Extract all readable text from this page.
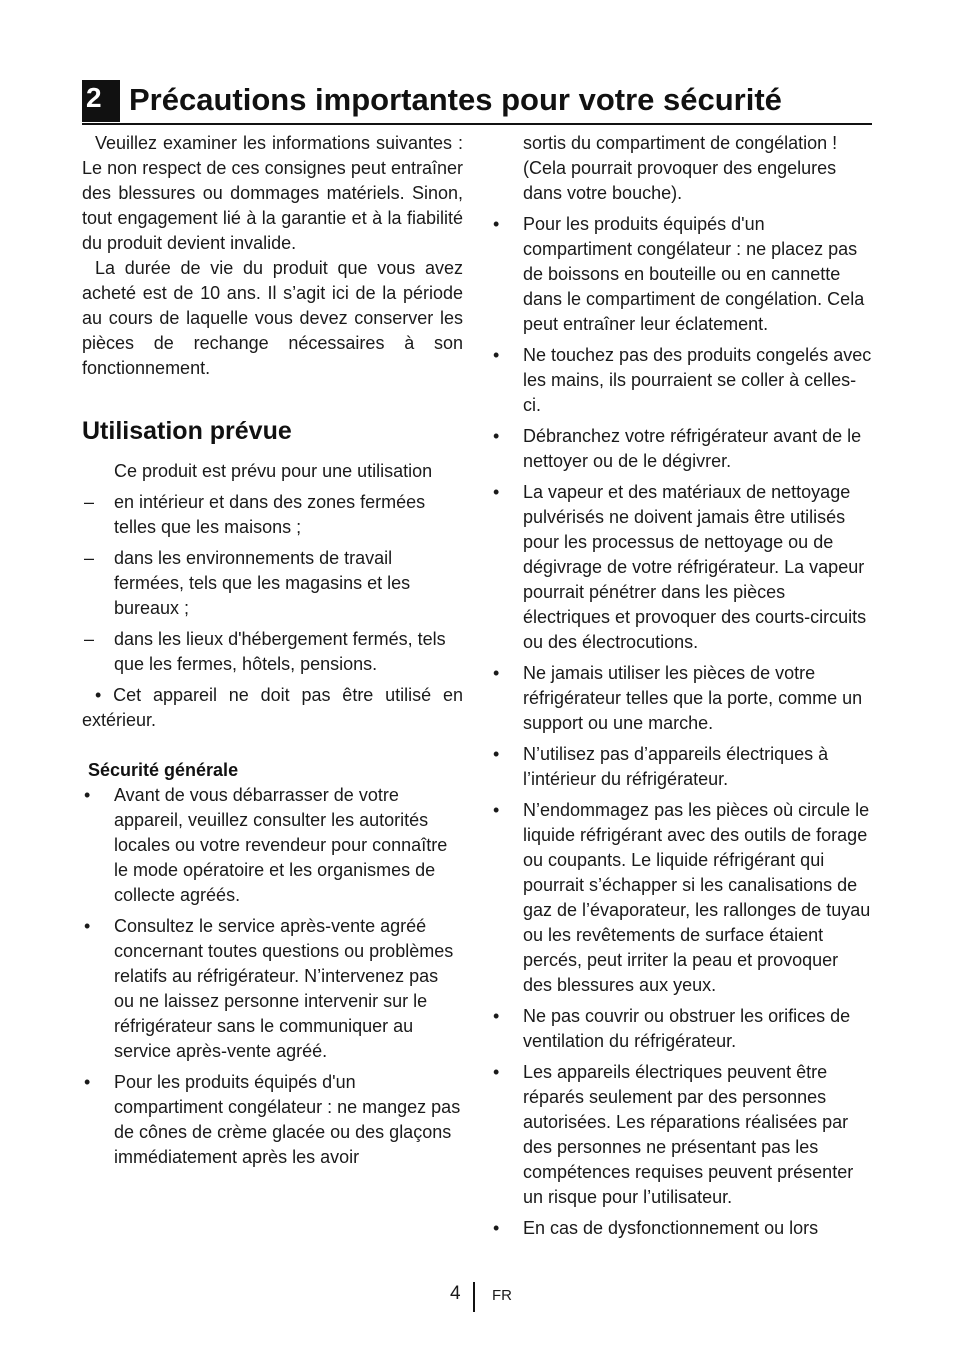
2 Précautions importantes pour votre sécurité

Veuillez examiner les informations suivantes : Le non respect de ces consignes peut entraîner des blessures ou dommages matériels. Sinon, tout engagement lié à la garantie et à la fiabilité du produit devient invalide.

La durée de vie du produit que vous avez acheté est de 10 ans. Il s’agit ici de la période au cours de laquelle vous devez conserver les pièces de rechange nécessaires à son fonctionnement.

Utilisation prévue

Ce produit est prévu pour une utilisation

– en intérieur et dans des zones fermées telles que les maisons ;
– dans les environnements de travail fermées, tels que les magasins et les bureaux ;
– dans les lieux d'hébergement fermés, tels que les fermes, hôtels, pensions.

• Cet appareil ne doit pas être utilisé en extérieur.

Sécurité générale
• Avant de vous débarrasser de votre appareil, veuillez consulter les autorités locales ou votre revendeur pour connaître le mode opératoire et les organismes de collecte agréés.
• Consultez le service après-vente agréé concernant toutes questions ou problèmes relatifs au réfrigérateur. N’intervenez pas ou ne laissez personne intervenir sur le réfrigérateur sans le communiquer au service après-vente agréé.
• Pour les produits équipés d'un compartiment congélateur : ne mangez pas de cônes de crème glacée ou des glaçons immédiatement après les avoir

sortis du compartiment de congélation ! (Cela pourrait provoquer des engelures dans votre bouche).

• Pour les produits équipés d'un compartiment congélateur : ne placez pas de boissons en bouteille ou en cannette dans le compartiment de congélation. Cela peut entraîner leur éclatement.
• Ne touchez pas des produits congelés avec les mains, ils pourraient se coller à celles-ci.
• Débranchez votre réfrigérateur avant de le nettoyer ou de le dégivrer.
• La vapeur et des matériaux de nettoyage pulvérisés ne doivent jamais être utilisés pour les processus de nettoyage ou de dégivrage de votre réfrigérateur. La vapeur pourrait pénétrer dans les pièces électriques et provoquer des courts-circuits ou des électrocutions.
• Ne jamais utiliser les pièces de votre réfrigérateur telles que la porte, comme un support ou une marche.
• N’utilisez pas d’appareils électriques à l’intérieur du réfrigérateur.
• N’endommagez pas les pièces où circule le liquide réfrigérant avec des outils de forage ou coupants. Le liquide réfrigérant qui pourrait s’échapper si les canalisations de gaz de l’évaporateur, les rallonges de tuyau ou les revêtements de surface étaient percés, peut irriter la peau et provoquer des blessures aux yeux.
• Ne pas couvrir ou obstruer les orifices de ventilation du réfrigérateur.
• Les appareils électriques peuvent être réparés seulement par des personnes autorisées. Les réparations réalisées par des personnes ne présentant pas les compétences requises peuvent présenter un risque pour l’utilisateur.
• En cas de dysfonctionnement ou lors
4 FR
